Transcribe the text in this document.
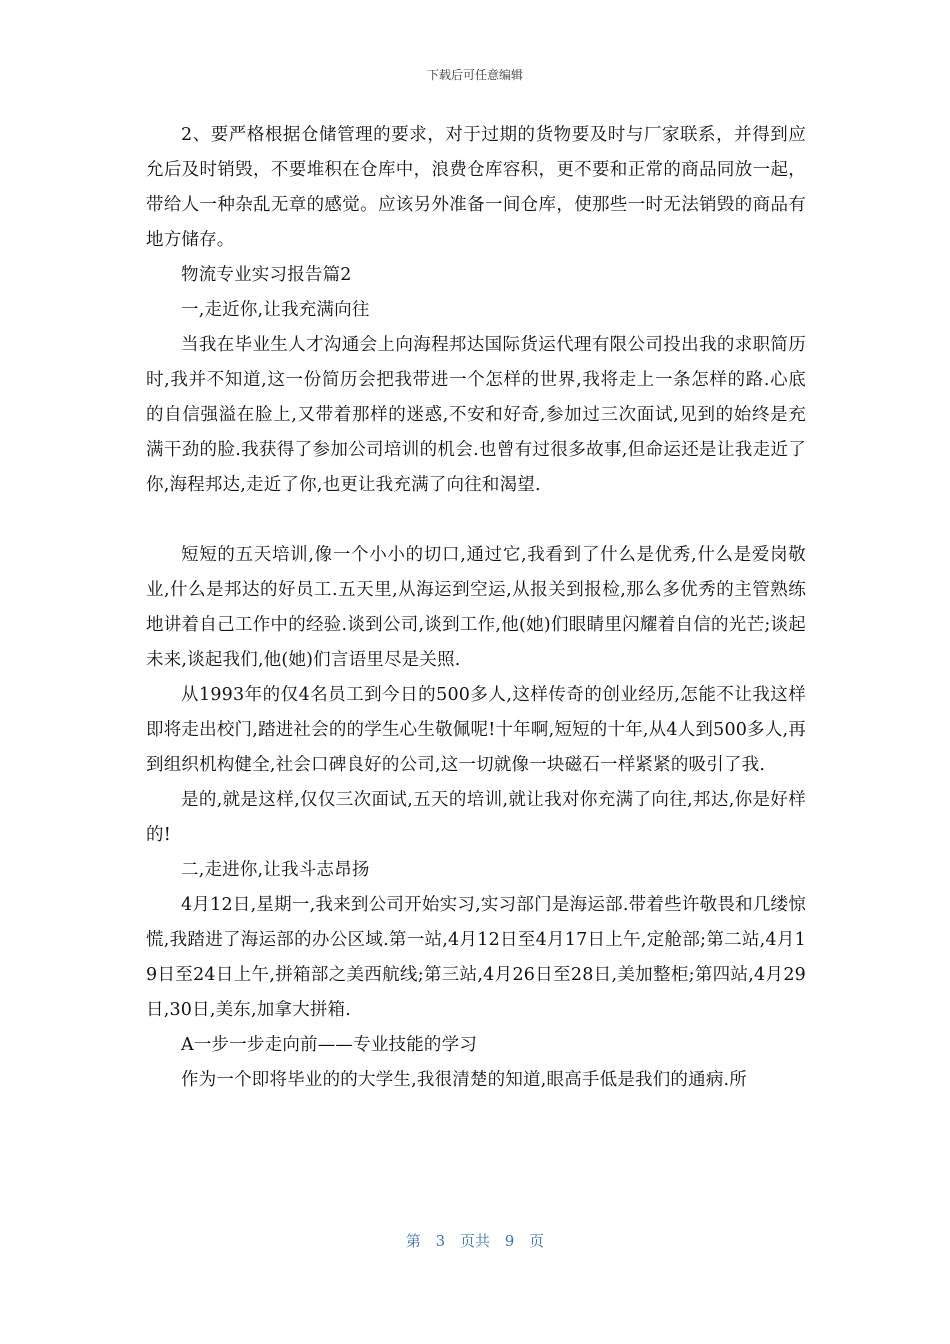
下载后可任意编辑

2、要严格根据仓储管理的要求，对于过期的货物要及时与厂家联系，并得到应允后及时销毁，不要堆积在仓库中，浪费仓库容积，更不要和正常的商品同放一起，带给人一种杂乱无章的感觉。应该另外准备一间仓库，使那些一时无法销毁的商品有地方储存。

物流专业实习报告篇2

一,走近你,让我充满向往

当我在毕业生人才沟通会上向海程邦达国际货运代理有限公司投出我的求职简历时,我并不知道,这一份简历会把我带进一个怎样的世界,我将走上一条怎样的路.心底的自信强溢在脸上,又带着那样的迷惑,不安和好奇,参加过三次面试,见到的始终是充满干劲的脸.我获得了参加公司培训的机会.也曾有过很多故事,但命运还是让我走近了你,海程邦达,走近了你,也更让我充满了向往和渴望.

短短的五天培训,像一个小小的切口,通过它,我看到了什么是优秀,什么是爱岗敬业,什么是邦达的好员工.五天里,从海运到空运,从报关到报检,那么多优秀的主管熟练地讲着自己工作中的经验.谈到公司,谈到工作,他(她)们眼睛里闪耀着自信的光芒;谈起未来,谈起我们,他(她)们言语里尽是关照.

从1993年的仅4名员工到今日的500多人,这样传奇的创业经历,怎能不让我这样即将走出校门,踏进社会的的学生心生敬佩呢!十年啊,短短的十年,从4人到500多人,再到组织机构健全,社会口碑良好的公司,这一切就像一块磁石一样紧紧的吸引了我.

是的,就是这样,仅仅三次面试,五天的培训,就让我对你充满了向往,邦达,你是好样的!

二,走进你,让我斗志昂扬

4月12日,星期一,我来到公司开始实习,实习部门是海运部.带着些许敬畏和几缕惊慌,我踏进了海运部的办公区域.第一站,4月12日至4月17日上午,定舱部;第二站,4月19日至24日上午,拼箱部之美西航线;第三站,4月26日至28日,美加整柜;第四站,4月29日,30日,美东,加拿大拼箱.

A一步一步走向前——专业技能的学习

作为一个即将毕业的的大学生,我很清楚的知道,眼高手低是我们的通病.所

第 3 页共 9 页
